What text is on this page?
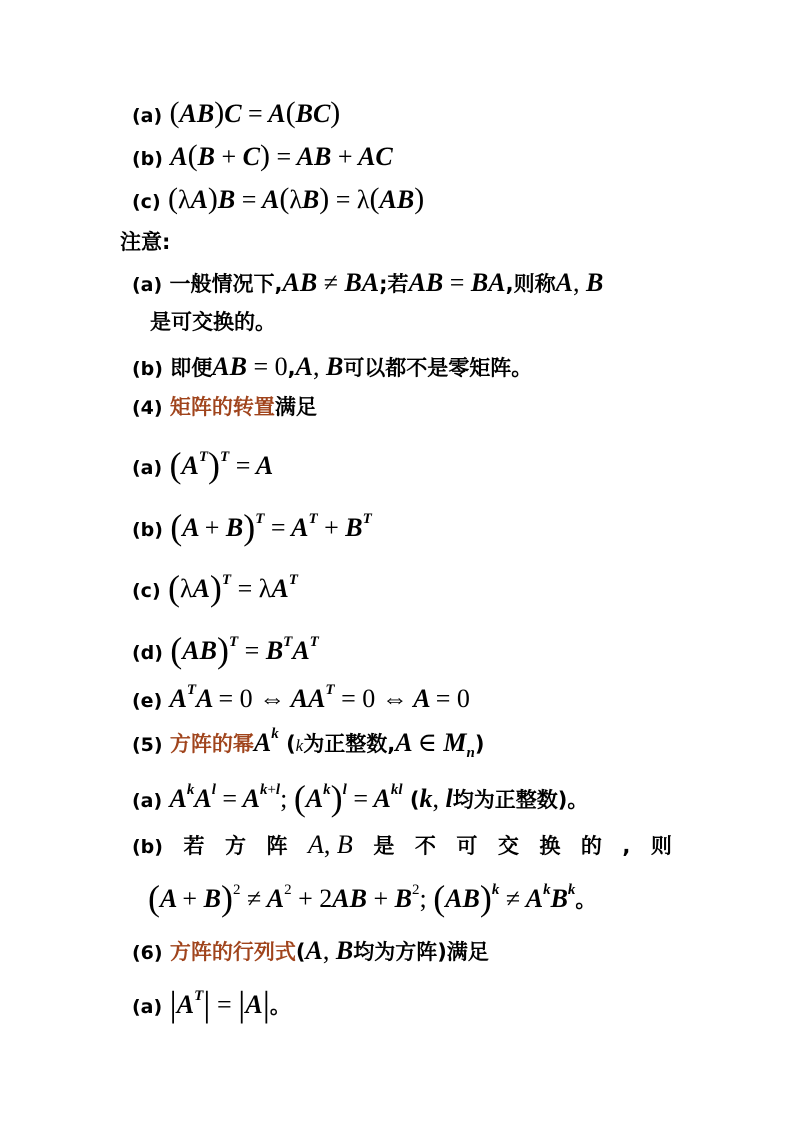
(a) (AB)C = A(BC)
(b) A(B + C) = AB + AC
(c) (λA)B = A(λB) = λ(AB)
注意:
(a) 一般情况下,AB ≠ BA;若AB = BA,则称A, B
是可交换的。
(b) 即便AB = 0,A, B可以都不是零矩阵。
(4) 矩阵的转置满足
(a) $(A^T)^T = A$
(b) $(A + B)^T = A^T + B^T$
(c) $(\lambda A)^T = \lambda A^T$
(d) $(AB)^T = B^TA^T$
(e) $A^TA = 0$ ⇔ $AA^T = 0$ ⇔ A = 0
(5) 方阵的幂$A^k$ (k为正整数,A ∈ $M_n$)
(a) $A^kA^l = A^{k+l}$; $(A^k)^l = A^{kl}$ (k, l均为正整数)。
(b) 若 方 阵 A, B 是 不 可 交 换 的 , 则
$(A + B)^2 \ne A^2 + 2AB + B^2$; $(AB)^k \ne A^kB^k$。
(6) 方阵的行列式(A, B均为方阵)满足
(a) $|A^T| = |A|$。
